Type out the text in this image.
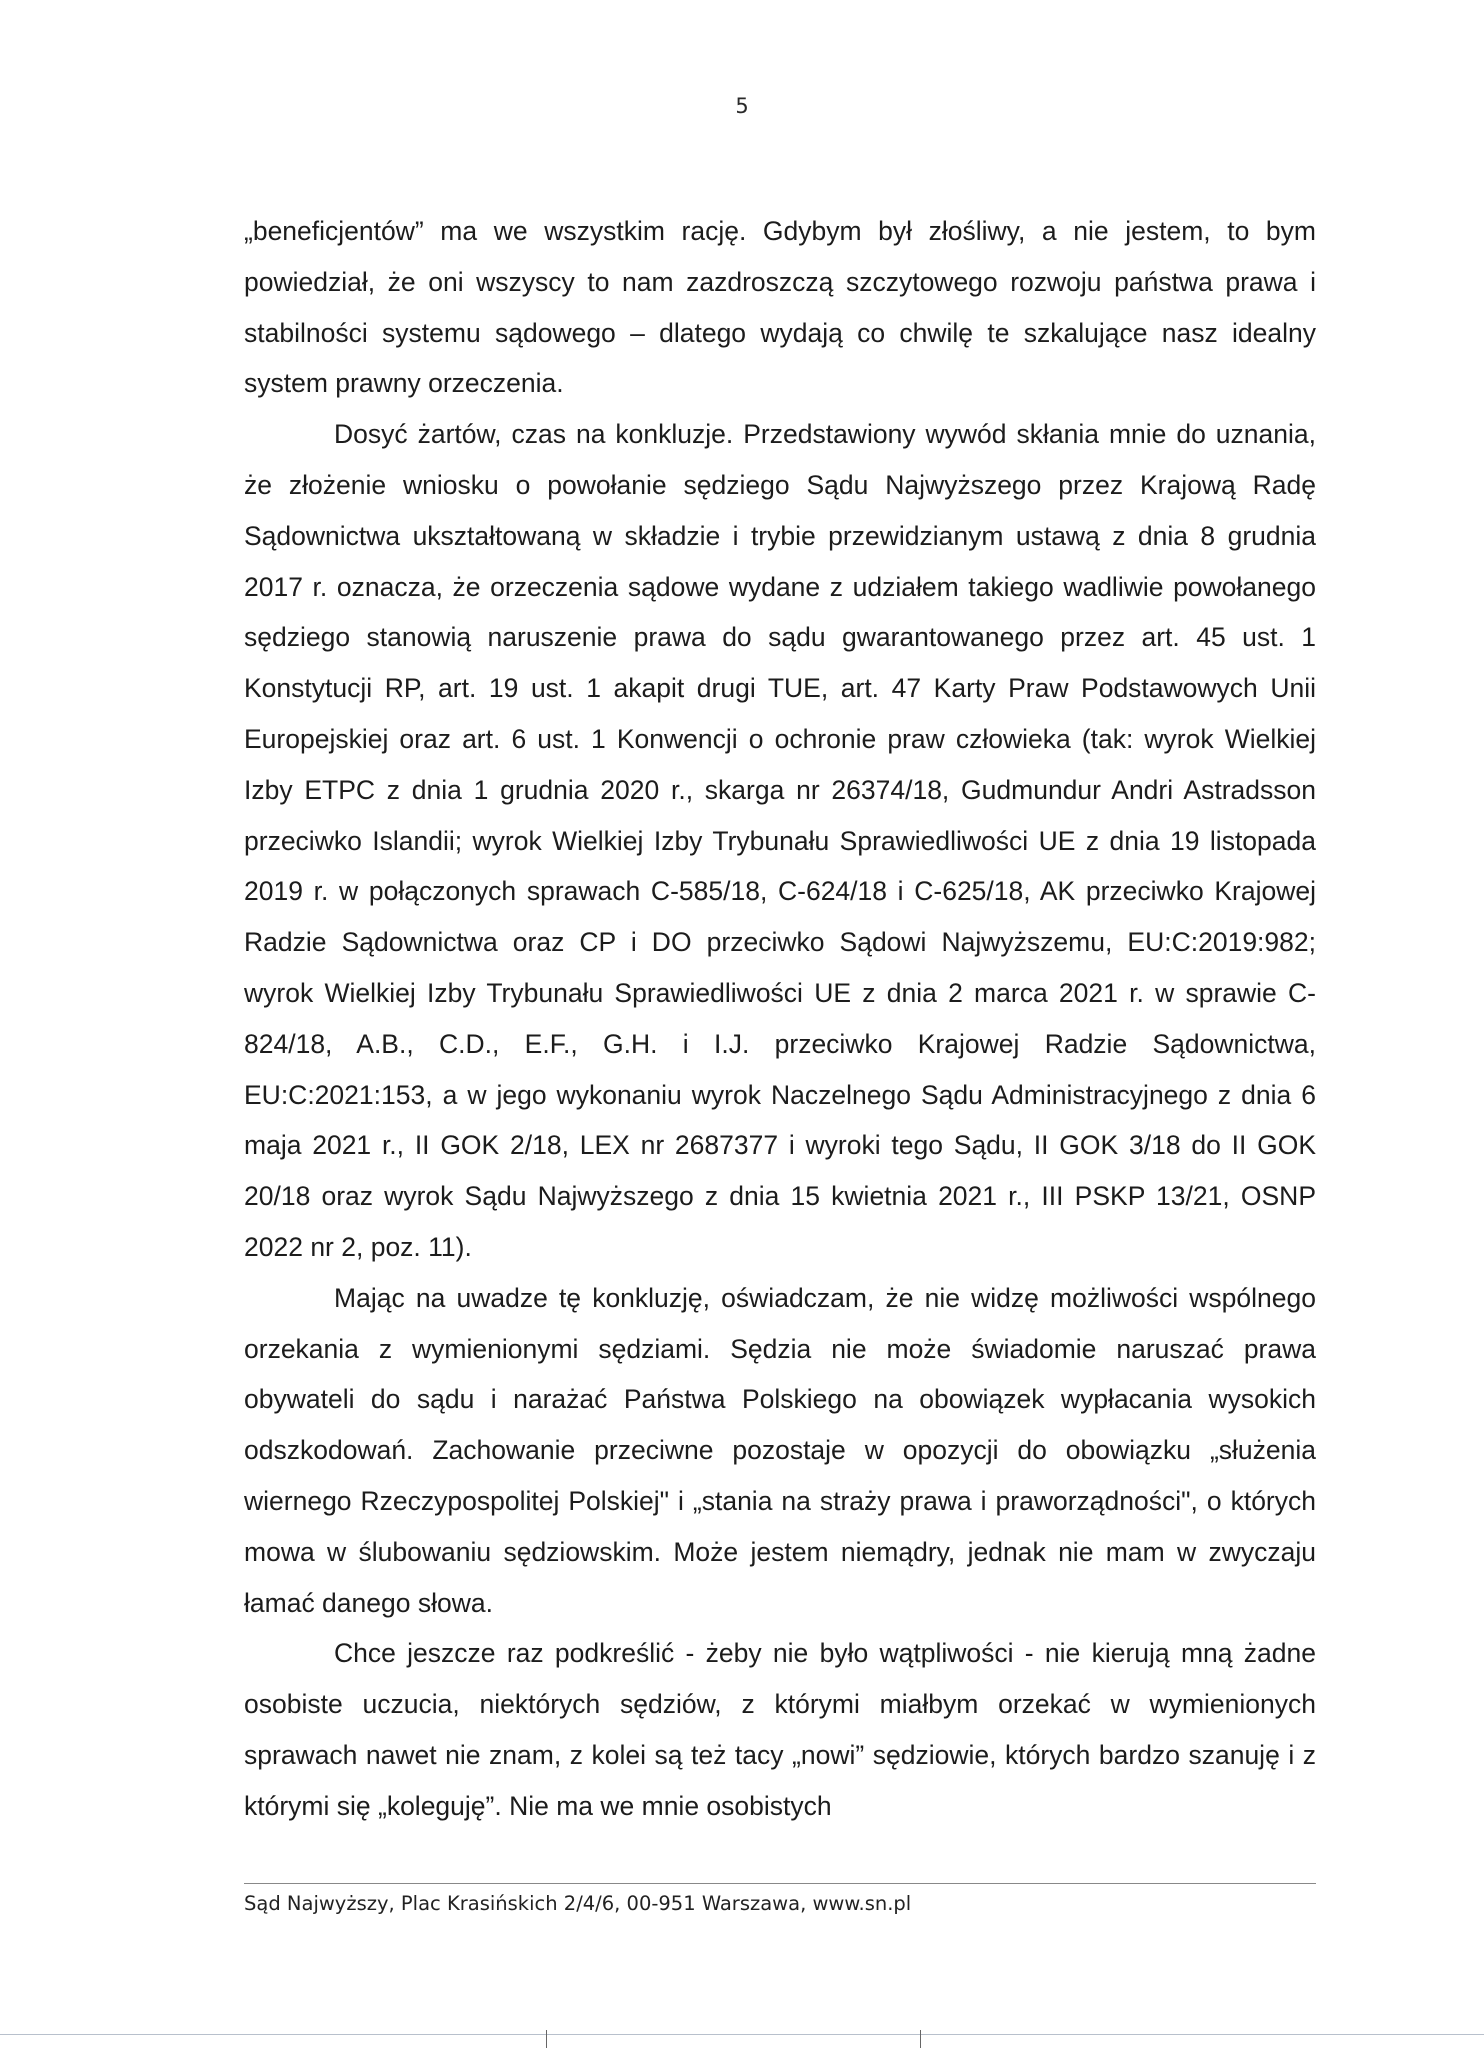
5

„beneficjentów” ma we wszystkim rację. Gdybym był złośliwy, a nie jestem, to bym powiedział, że oni wszyscy to nam zazdroszczą szczytowego rozwoju państwa prawa i stabilności systemu sądowego – dlatego wydają co chwilę te szkalujące nasz idealny system prawny orzeczenia.

Dosyć żartów, czas na konkluzje. Przedstawiony wywód skłania mnie do uznania, że złożenie wniosku o powołanie sędziego Sądu Najwyższego przez Krajową Radę Sądownictwa ukształtowaną w składzie i trybie przewidzianym ustawą z dnia 8 grudnia 2017 r. oznacza, że orzeczenia sądowe wydane z udziałem takiego wadliwie powołanego sędziego stanowią naruszenie prawa do sądu gwarantowanego przez art. 45 ust. 1 Konstytucji RP, art. 19 ust. 1 akapit drugi TUE, art. 47 Karty Praw Podstawowych Unii Europejskiej oraz art. 6 ust. 1 Konwencji o ochronie praw człowieka (tak: wyrok Wielkiej Izby ETPC z dnia 1 grudnia 2020 r., skarga nr 26374/18, Gudmundur Andri Astradsson przeciwko Islandii; wyrok Wielkiej Izby Trybunału Sprawiedliwości UE z dnia 19 listopada 2019 r. w połączonych sprawach C-585/18, C-624/18 i C-625/18, AK przeciwko Krajowej Radzie Sądownictwa oraz CP i DO przeciwko Sądowi Najwyższemu, EU:C:2019:982; wyrok Wielkiej Izby Trybunału Sprawiedliwości UE z dnia 2 marca 2021 r. w sprawie C-824/18, A.B., C.D., E.F., G.H. i I.J. przeciwko Krajowej Radzie Sądownictwa, EU:C:2021:153, a w jego wykonaniu wyrok Naczelnego Sądu Administracyjnego z dnia 6 maja 2021 r., II GOK 2/18, LEX nr 2687377 i wyroki tego Sądu, II GOK 3/18 do II GOK 20/18 oraz wyrok Sądu Najwyższego z dnia 15 kwietnia 2021 r., III PSKP 13/21, OSNP 2022 nr 2, poz. 11).

Mając na uwadze tę konkluzję, oświadczam, że nie widzę możliwości wspólnego orzekania z wymienionymi sędziami. Sędzia nie może świadomie naruszać prawa obywateli do sądu i narażać Państwa Polskiego na obowiązek wypłacania wysokich odszkodowań. Zachowanie przeciwne pozostaje w opozycji do obowiązku „służenia wiernego Rzeczypospolitej Polskiej" i „stania na straży prawa i praworządności", o których mowa w ślubowaniu sędziowskim. Może jestem niemądry, jednak nie mam w zwyczaju łamać danego słowa.

Chce jeszcze raz podkreślić - żeby nie było wątpliwości - nie kierują mną żadne osobiste uczucia, niektórych sędziów, z którymi miałbym orzekać w wymienionych sprawach nawet nie znam, z kolei są też tacy „nowi” sędziowie, których bardzo szanuję i z którymi się „koleguję”. Nie ma we mnie osobistych

Sąd Najwyższy, Plac Krasińskich 2/4/6, 00-951 Warszawa, www.sn.pl
